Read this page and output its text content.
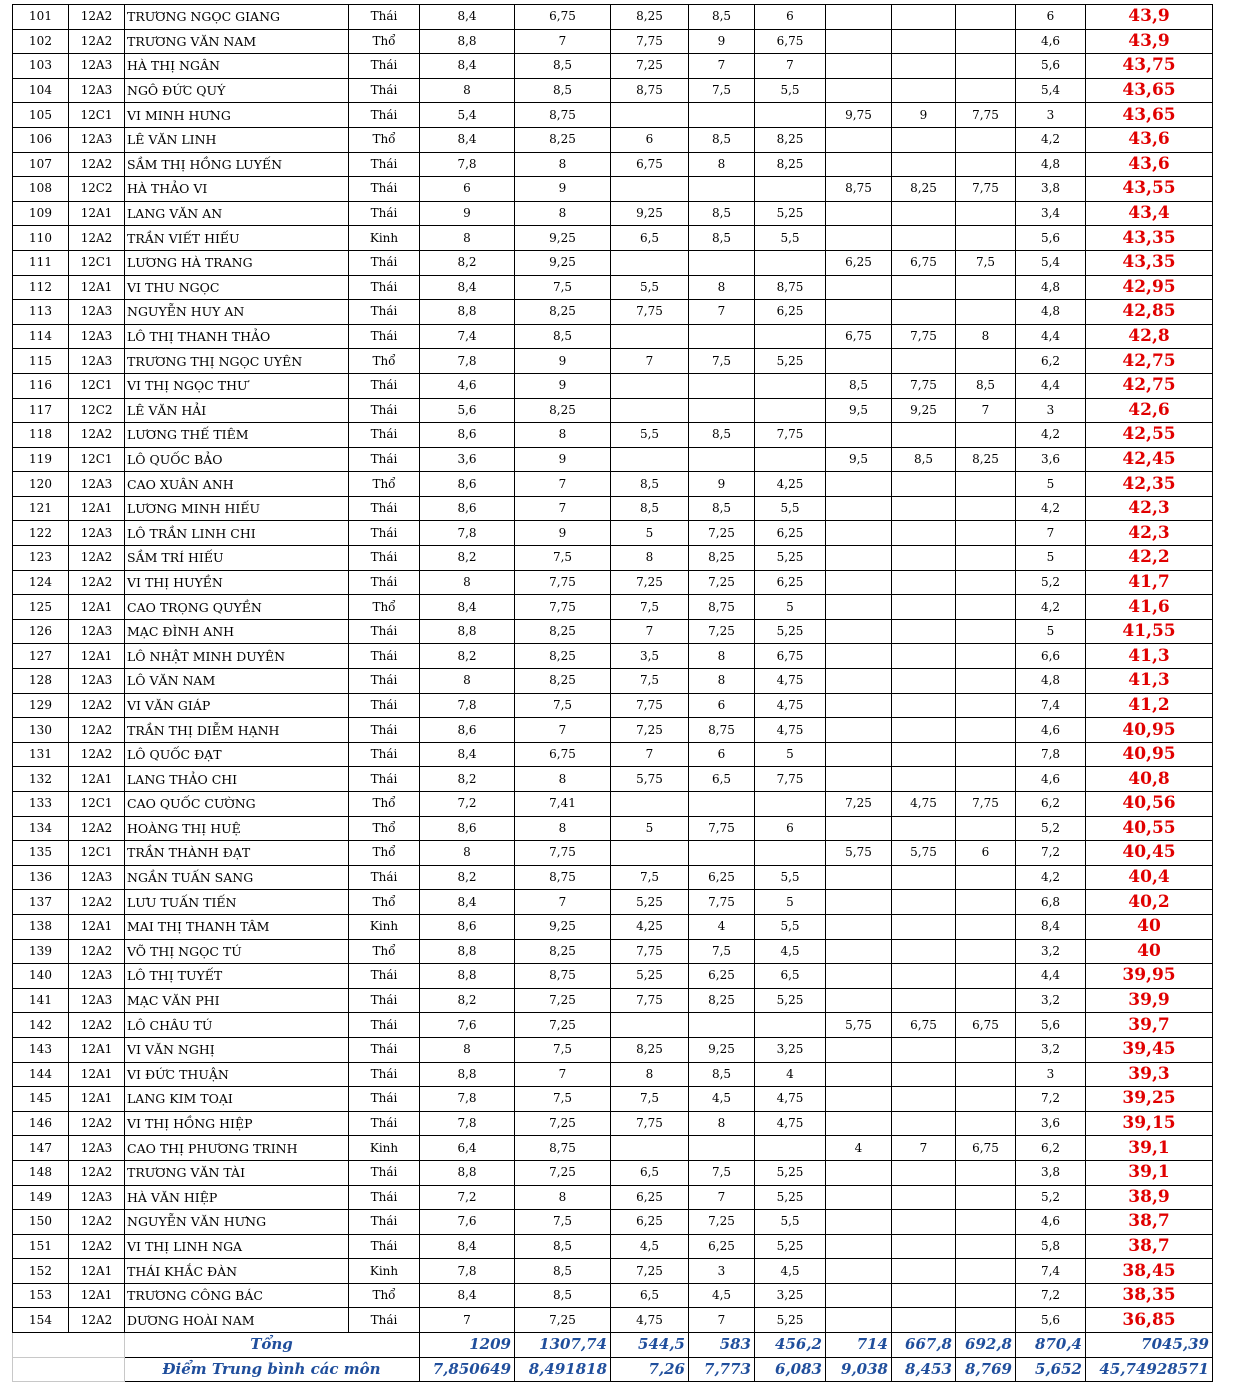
101	12A2	TRƯƠNG NGỌC GIANG	Thái	8,4	6,75	8,25	8,5	6				6	43,9
102	12A2	TRƯƠNG VĂN NAM	Thổ	8,8	7	7,75	9	6,75				4,6	43,9
103	12A3	HÀ THỊ NGÂN	Thái	8,4	8,5	7,25	7	7				5,6	43,75
104	12A3	NGÔ ĐỨC QUÝ	Thái	8	8,5	8,75	7,5	5,5				5,4	43,65
105	12C1	VI MINH HƯNG	Thái	5,4	8,75				9,75	9	7,75	3	43,65
106	12A3	LÊ VĂN LINH	Thổ	8,4	8,25	6	8,5	8,25				4,2	43,6
107	12A2	SẦM THỊ HỒNG LUYẾN	Thái	7,8	8	6,75	8	8,25				4,8	43,6
108	12C2	HÀ THẢO VI	Thái	6	9				8,75	8,25	7,75	3,8	43,55
109	12A1	LANG VĂN AN	Thái	9	8	9,25	8,5	5,25				3,4	43,4
110	12A2	TRẦN VIẾT HIẾU	Kinh	8	9,25	6,5	8,5	5,5				5,6	43,35
111	12C1	LƯƠNG HÀ TRANG	Thái	8,2	9,25				6,25	6,75	7,5	5,4	43,35
112	12A1	VI THU NGỌC	Thái	8,4	7,5	5,5	8	8,75				4,8	42,95
113	12A3	NGUYỄN HUY AN	Thái	8,8	8,25	7,75	7	6,25				4,8	42,85
114	12A3	LÔ THỊ THANH THẢO	Thái	7,4	8,5				6,75	7,75	8	4,4	42,8
115	12A3	TRƯƠNG THỊ NGỌC UYÊN	Thổ	7,8	9	7	7,5	5,25				6,2	42,75
116	12C1	VI THỊ NGỌC THƯ	Thái	4,6	9				8,5	7,75	8,5	4,4	42,75
117	12C2	LÊ VĂN HẢI	Thái	5,6	8,25				9,5	9,25	7	3	42,6
118	12A2	LƯƠNG THẾ TIÊM	Thái	8,6	8	5,5	8,5	7,75				4,2	42,55
119	12C1	LÔ QUỐC BẢO	Thái	3,6	9				9,5	8,5	8,25	3,6	42,45
120	12A3	CAO XUÂN ANH	Thổ	8,6	7	8,5	9	4,25				5	42,35
121	12A1	LƯƠNG MINH HIẾU	Thái	8,6	7	8,5	8,5	5,5				4,2	42,3
122	12A3	LÔ TRẦN LINH CHI	Thái	7,8	9	5	7,25	6,25				7	42,3
123	12A2	SẦM TRÍ HIẾU	Thái	8,2	7,5	8	8,25	5,25				5	42,2
124	12A2	VI THỊ HUYỀN	Thái	8	7,75	7,25	7,25	6,25				5,2	41,7
125	12A1	CAO TRỌNG QUYỀN	Thổ	8,4	7,75	7,5	8,75	5				4,2	41,6
126	12A3	MẠC ĐÌNH ANH	Thái	8,8	8,25	7	7,25	5,25				5	41,55
127	12A1	LÔ NHẬT MINH DUYÊN	Thái	8,2	8,25	3,5	8	6,75				6,6	41,3
128	12A3	LÔ VĂN NAM	Thái	8	8,25	7,5	8	4,75				4,8	41,3
129	12A2	VI VĂN GIÁP	Thái	7,8	7,5	7,75	6	4,75				7,4	41,2
130	12A2	TRẦN THỊ DIỄM HẠNH	Thái	8,6	7	7,25	8,75	4,75				4,6	40,95
131	12A2	LÔ QUỐC ĐẠT	Thái	8,4	6,75	7	6	5				7,8	40,95
132	12A1	LANG THẢO CHI	Thái	8,2	8	5,75	6,5	7,75				4,6	40,8
133	12C1	CAO QUỐC CƯỜNG	Thổ	7,2	7,41				7,25	4,75	7,75	6,2	40,56
134	12A2	HOÀNG THỊ HUỆ	Thổ	8,6	8	5	7,75	6				5,2	40,55
135	12C1	TRẦN THÀNH ĐẠT	Thổ	8	7,75				5,75	5,75	6	7,2	40,45
136	12A3	NGẦN TUẤN SANG	Thái	8,2	8,75	7,5	6,25	5,5				4,2	40,4
137	12A2	LƯU TUẤN TIẾN	Thổ	8,4	7	5,25	7,75	5				6,8	40,2
138	12A1	MAI THỊ THANH TÂM	Kinh	8,6	9,25	4,25	4	5,5				8,4	40
139	12A2	VÕ THỊ NGỌC TÚ	Thổ	8,8	8,25	7,75	7,5	4,5				3,2	40
140	12A3	LÔ THỊ TUYẾT	Thái	8,8	8,75	5,25	6,25	6,5				4,4	39,95
141	12A3	MẠC VĂN PHI	Thái	8,2	7,25	7,75	8,25	5,25				3,2	39,9
142	12A2	LÔ CHÂU TÚ	Thái	7,6	7,25				5,75	6,75	6,75	5,6	39,7
143	12A1	VI VĂN NGHỊ	Thái	8	7,5	8,25	9,25	3,25				3,2	39,45
144	12A1	VI ĐỨC THUẬN	Thái	8,8	7	8	8,5	4				3	39,3
145	12A1	LANG KIM TOẠI	Thái	7,8	7,5	7,5	4,5	4,75				7,2	39,25
146	12A2	VI THỊ HỒNG HIỆP	Thái	7,8	7,25	7,75	8	4,75				3,6	39,15
147	12A3	CAO THỊ PHƯƠNG TRINH	Kinh	6,4	8,75				4	7	6,75	6,2	39,1
148	12A2	TRƯƠNG VĂN TÀI	Thái	8,8	7,25	6,5	7,5	5,25				3,8	39,1
149	12A3	HÀ VĂN HIỆP	Thái	7,2	8	6,25	7	5,25				5,2	38,9
150	12A2	NGUYỄN VĂN HƯNG	Thái	7,6	7,5	6,25	7,25	5,5				4,6	38,7
151	12A2	VI THỊ LINH NGA	Thái	8,4	8,5	4,5	6,25	5,25				5,8	38,7
152	12A1	THÁI KHẮC ĐÀN	Kinh	7,8	8,5	7,25	3	4,5				7,4	38,45
153	12A1	TRƯƠNG CÔNG BÁC	Thổ	8,4	8,5	6,5	4,5	3,25				7,2	38,35
154	12A2	DƯƠNG HOÀI NAM	Thái	7	7,25	4,75	7	5,25				5,6	36,85
		Tổng		1209	1307,74	544,5	583	456,2	714	667,8	692,8	870,4	7045,39
		Điểm Trung bình các môn		7,850649	8,491818	7,26	7,773	6,083	9,038	8,453	8,769	5,652	45,74928571
